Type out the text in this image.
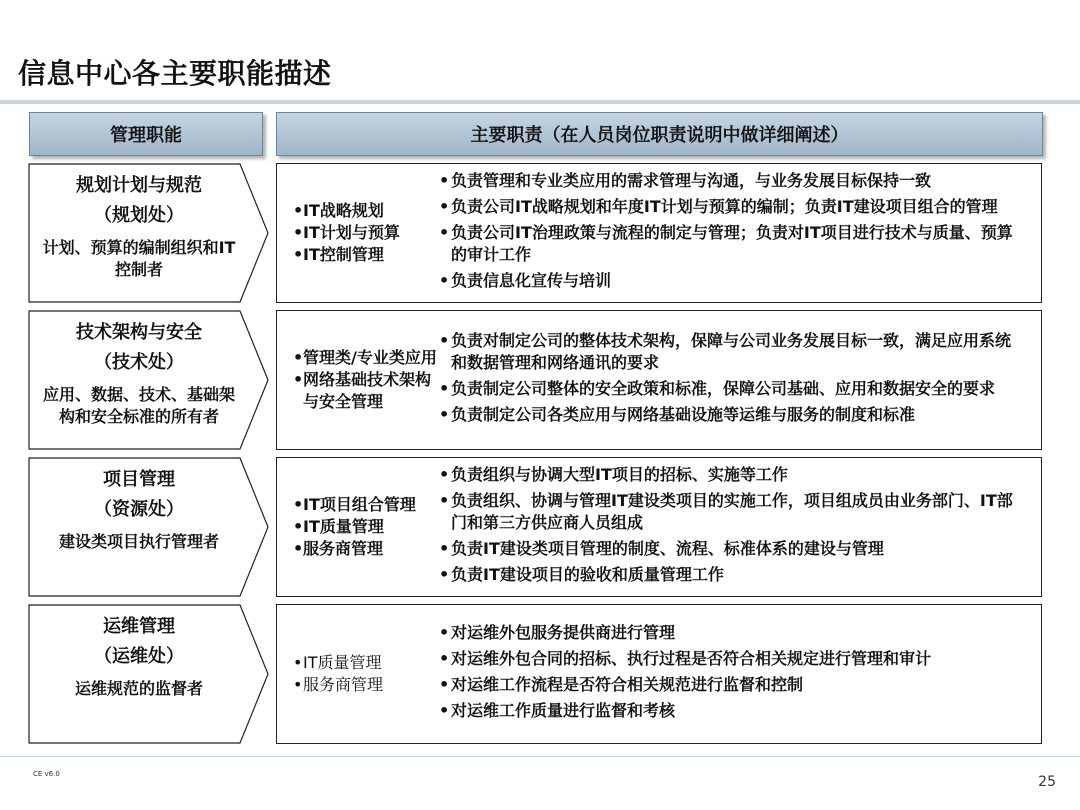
信息中心各主要职能描述
管理职能	主要职责（在人员岗位职责说明中做详细阐述）
规划计划与规范
（规划处）
计划、预算的编制组织和IT控制者
• IT战略规划
• IT计划与预算
• IT控制管理
• 负责管理和专业类应用的需求管理与沟通，与业务发展目标保持一致
• 负责公司IT战略规划和年度IT计划与预算的编制；负责IT建设项目组合的管理
• 负责公司IT治理政策与流程的制定与管理；负责对IT项目进行技术与质量、预算的审计工作
• 负责信息化宣传与培训
技术架构与安全
（技术处）
应用、数据、技术、基础架构和安全标准的所有者
• 管理类/专业类应用
• 网络基础技术架构与安全管理
• 负责对制定公司的整体技术架构，保障与公司业务发展目标一致，满足应用系统和数据管理和网络通讯的要求
• 负责制定公司整体的安全政策和标准，保障公司基础、应用和数据安全的要求
• 负责制定公司各类应用与网络基础设施等运维与服务的制度和标准
项目管理
（资源处）
建设类项目执行管理者
• IT项目组合管理
• IT质量管理
• 服务商管理
• 负责组织与协调大型IT项目的招标、实施等工作
• 负责组织、协调与管理IT建设类项目的实施工作，项目组成员由业务部门、IT部门和第三方供应商人员组成
• 负责IT建设类项目管理的制度、流程、标准体系的建设与管理
• 负责IT建设项目的验收和质量管理工作
运维管理
（运维处）
运维规范的监督者
• IT质量管理
• 服务商管理
• 对运维外包服务提供商进行管理
• 对运维外包合同的招标、执行过程是否符合相关规定进行管理和审计
• 对运维工作流程是否符合相关规范进行监督和控制
• 对运维工作质量进行监督和考核
CE v6.0	25
